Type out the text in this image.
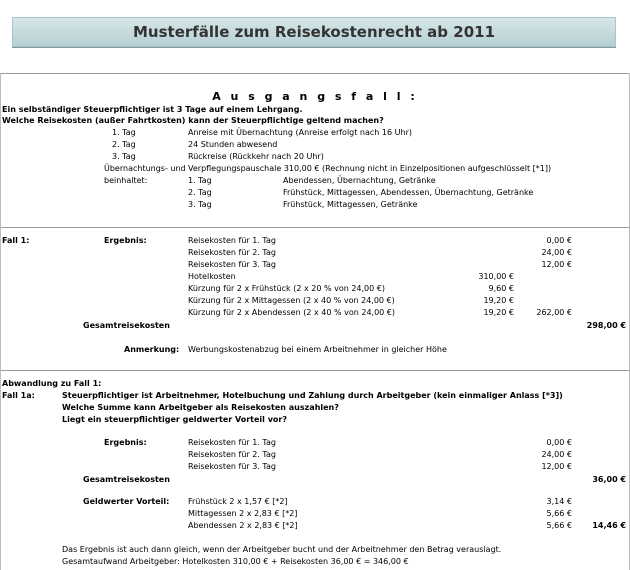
Musterfälle zum Reisekostenrecht ab 2011
A u s g a n g s f a l l :
Ein selbständiger Steuerpflichtiger ist 3 Tage auf einem Lehrgang.
Welche Reisekosten (außer Fahrtkosten) kann der Steuerpflichtige geltend machen?
1. Tag	Anreise mit Übernachtung (Anreise erfolgt nach 16 Uhr)
2. Tag	24 Stunden abwesend
3. Tag	Rückreise (Rückkehr nach 20 Uhr)
Übernachtungs- und Verpflegungspauschale 310,00 € (Rechnung nicht in Einzelpositionen aufgeschlüsselt [*1])
beinhaltet:	1. Tag	Abendessen, Übernachtung, Getränke
2. Tag	Frühstück, Mittagessen, Abendessen, Übernachtung, Getränke
3. Tag	Frühstück, Mittagessen, Getränke
Fall 1:	Ergebnis:	Reisekosten für 1. Tag	0,00 €
Reisekosten für 2. Tag	24,00 €
Reisekosten für 3. Tag	12,00 €
Hotelkosten	310,00 €
Kürzung für 2 x Frühstück (2 x 20 % von 24,00 €)	9,60 €
Kürzung für 2 x Mittagessen (2 x 40 % von 24,00 €)	19,20 €
Kürzung für 2 x Abendessen (2 x 40 % von 24,00 €)	19,20 €	262,00 €
Gesamtreisekosten	298,00 €
Anmerkung: Werbungskostenabzug bei einem Arbeitnehmer in gleicher Höhe
Abwandlung zu Fall 1:
Fall 1a:	Steuerpflichtiger ist Arbeitnehmer, Hotelbuchung und Zahlung durch Arbeitgeber (kein einmaliger Anlass [*3])
Welche Summe kann Arbeitgeber als Reisekosten auszahlen?
Liegt ein steuerpflichtiger geldwerter Vorteil vor?
Ergebnis:	Reisekosten für 1. Tag	0,00 €
Reisekosten für 2. Tag	24,00 €
Reisekosten für 3. Tag	12,00 €
Gesamtreisekosten	36,00 €
Geldwerter Vorteil: Frühstück 2 x 1,57 € [*2]	3,14 €
Mittagessen 2 x 2,83 € [*2]	5,66 €
Abendessen 2 x 2,83 € [*2]	5,66 €	14,46 €
Das Ergebnis ist auch dann gleich, wenn der Arbeitgeber bucht und der Arbeitnehmer den Betrag verauslagt.
Gesamtaufwand Arbeitgeber: Hotelkosten 310,00 € + Reisekosten 36,00 € = 346,00 €
